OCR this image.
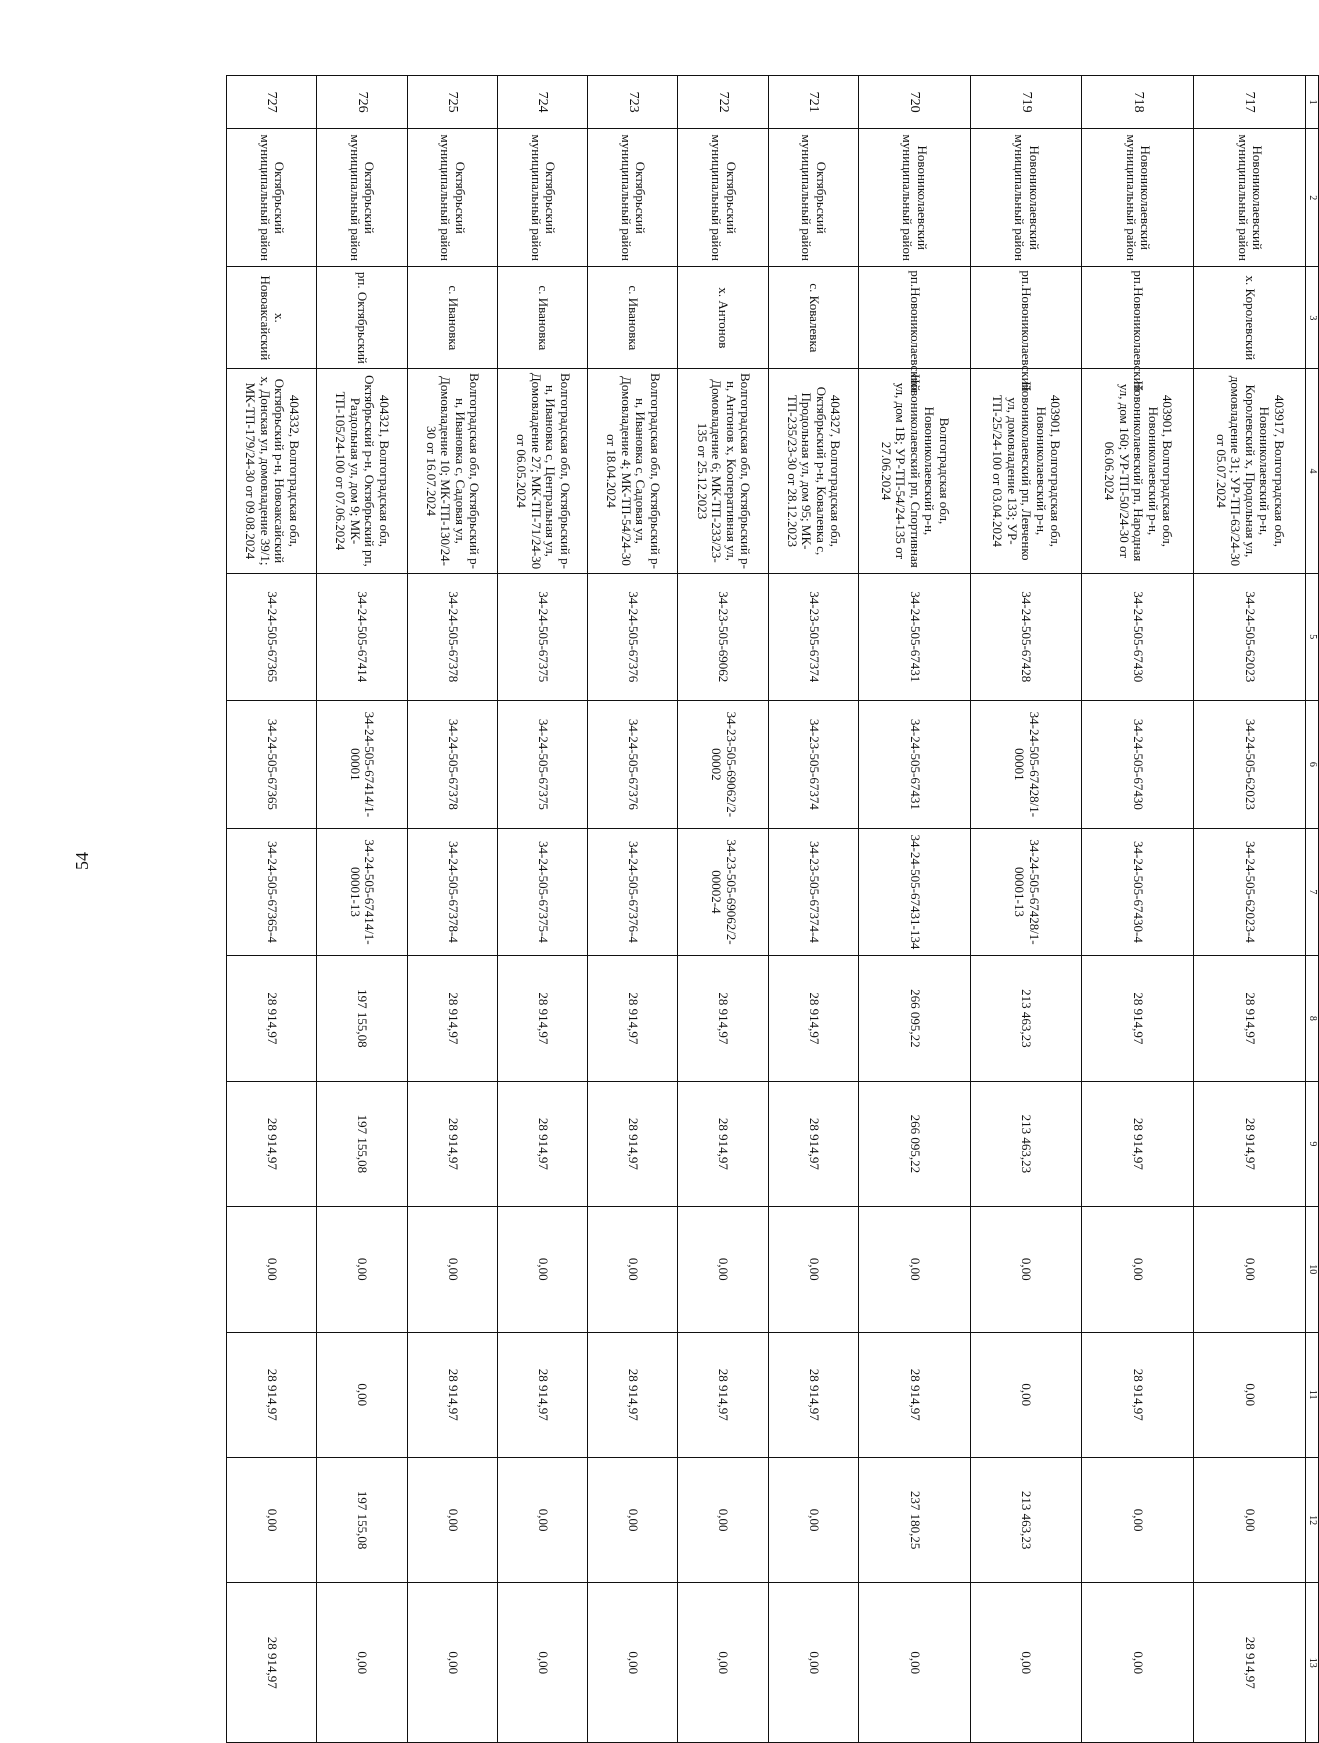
54
1	2	3	4	5	6	7	8	9	10	11	12	13
717	Новониколаевский муниципальный район	х. Королевский	403917, Волгоградская обл, Новониколаевский р-н, Королевский х, Продольная ул, домовладение 31; УР-ТП-63/24-30 от 05.07.2024	34-24-505-62023	34-24-505-62023	34-24-505-62023-4	28 914,97	28 914,97	0,00	0,00	0,00	28 914,97
718	Новониколаевский муниципальный район	рп.Новониколаевский	403901, Волгоградская обл, Новониколаевский р-н, Новониколаевский рп, Народная ул, дом 160; УР-ТП-50/24-30 от 06.06.2024	34-24-505-67430	34-24-505-67430	34-24-505-67430-4	28 914,97	28 914,97	0,00	28 914,97	0,00	0,00
719	Новониколаевский муниципальный район	рп.Новониколаевский	403901, Волгоградская обл, Новониколаевский р-н, Новониколаевский рп, Левченко ул, домовладение 133; УР-ТП-25/24-100 от 03.04.2024	34-24-505-67428	34-24-505-67428/1-00001	34-24-505-67428/1-00001-13	213 463,23	213 463,23	0,00	0,00	213 463,23	0,00
720	Новониколаевский муниципальный район	рп.Новониколаевский	Волгоградская обл, Новониколаевский р-н, Новониколаевский рп, Спортивная ул, дом 1В; УР-ТП-54/24-135 от 27.06.2024	34-24-505-67431	34-24-505-67431	34-24-505-67431-134	266 095,22	266 095,22	0,00	28 914,97	237 180,25	0,00
721	Октябрьский муниципальный район	с. Ковалевка	404327, Волгоградская обл, Октябрьский р-н, Ковалевка с, Продольная ул, дом 95; МК-ТП-235/23-30 от 28.12.2023	34-23-505-67374	34-23-505-67374	34-23-505-67374-4	28 914,97	28 914,97	0,00	28 914,97	0,00	0,00
722	Октябрьский муниципальный район	х. Антонов	Волгоградская обл, Октябрьский р-н, Антонов х, Кооперативная ул, Домовладение 6; МК-ТП-233/23-135 от 25.12.2023	34-23-505-69062	34-23-505-69062/2-00002	34-23-505-69062/2-00002-4	28 914,97	28 914,97	0,00	28 914,97	0,00	0,00
723	Октябрьский муниципальный район	с. Ивановка	Волгоградская обл, Октябрьский р-н, Ивановка с, Садовая ул, Домовладение 4; МК-ТП-54/24-30 от 18.04.2024	34-24-505-67376	34-24-505-67376	34-24-505-67376-4	28 914,97	28 914,97	0,00	28 914,97	0,00	0,00
724	Октябрьский муниципальный район	с. Ивановка	Волгоградская обл, Октябрьский р-н, Ивановка с, Центральная ул, Домовладение 27; МК-ТП-71/24-30 от 06.05.2024	34-24-505-67375	34-24-505-67375	34-24-505-67375-4	28 914,97	28 914,97	0,00	28 914,97	0,00	0,00
725	Октябрьский муниципальный район	с. Ивановка	Волгоградская обл, Октябрьский р-н, Ивановка с, Садовая ул, Домовладение 10; МК-ТП-130/24-30 от 16.07.2024	34-24-505-67378	34-24-505-67378	34-24-505-67378-4	28 914,97	28 914,97	0,00	28 914,97	0,00	0,00
726	Октябрьский муниципальный район	рп. Октябрьский	404321, Волгоградская обл, Октябрьский р-н, Октябрьский рп, Раздольная ул, дом 9; МК-ТП-105/24-100 от 07.06.2024	34-24-505-67414	34-24-505-67414/1-00001	34-24-505-67414/1-00001-13	197 155,08	197 155,08	0,00	0,00	197 155,08	0,00
727	Октябрьский муниципальный район	х. Новоаксайский	404332, Волгоградская обл, Октябрьский р-н, Новоаксайский х, Донская ул, домовладение 39/1; МК-ТП-179/24-30 от 09.08.2024	34-24-505-67365	34-24-505-67365	34-24-505-67365-4	28 914,97	28 914,97	0,00	28 914,97	0,00	28 914,97
